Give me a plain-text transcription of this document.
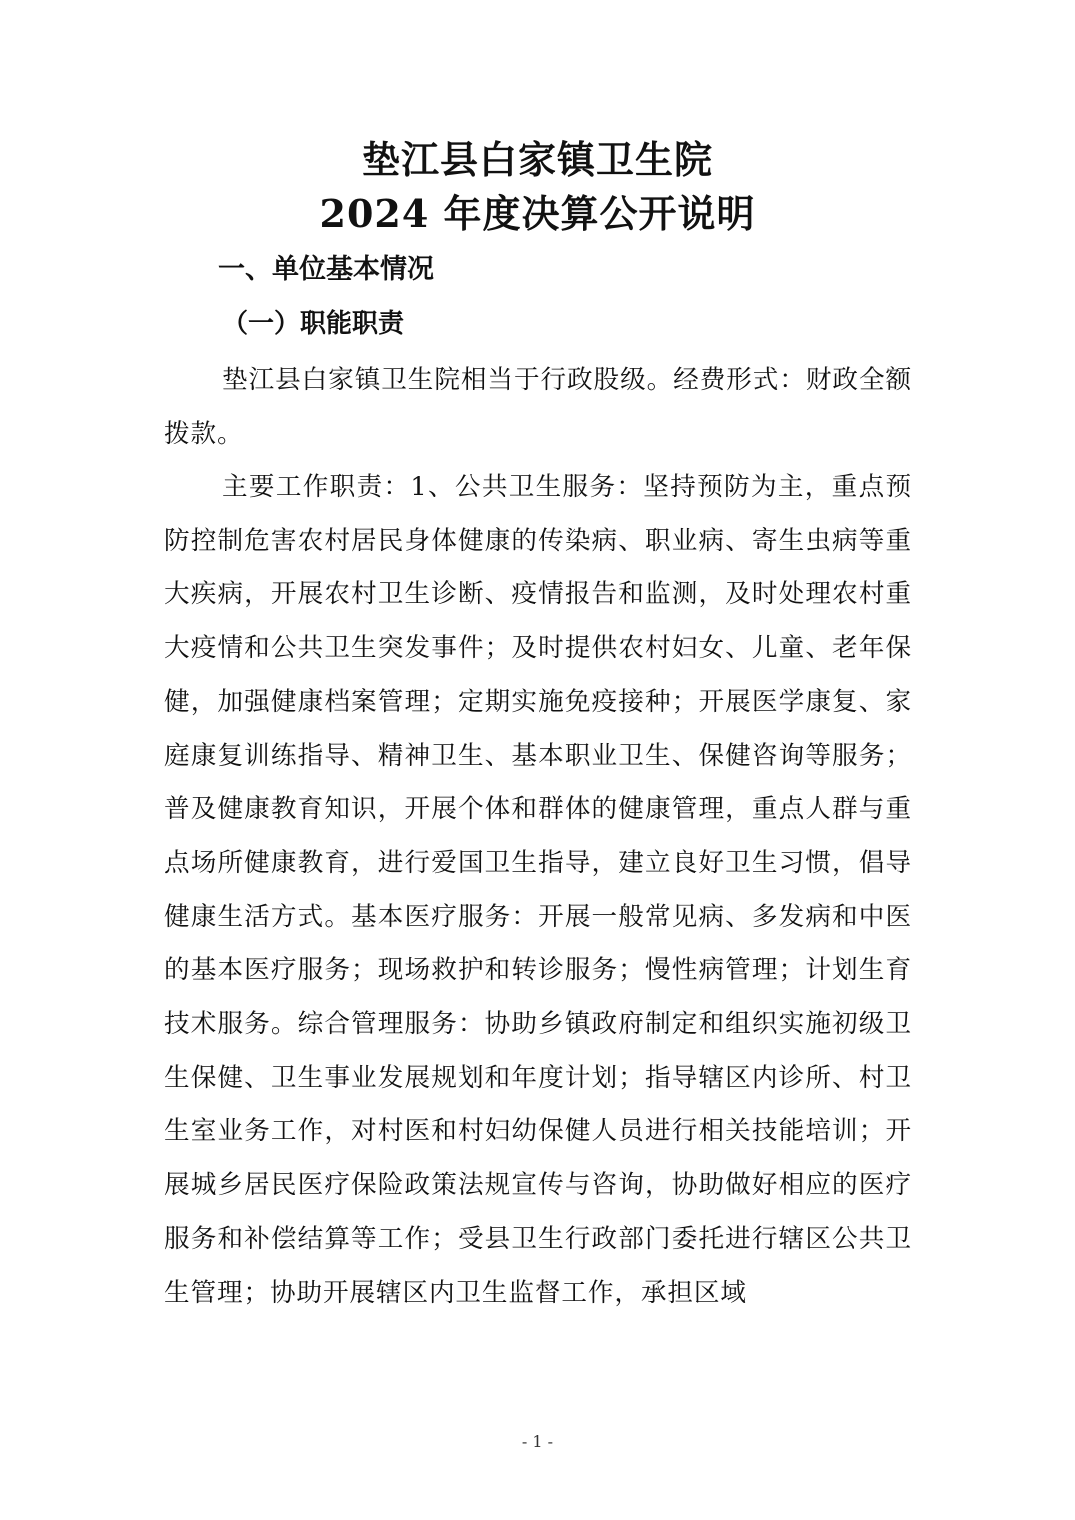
垫江县白家镇卫生院
2024 年度决算公开说明
一、单位基本情况
（一）职能职责

垫江县白家镇卫生院相当于行政股级。经费形式：财政全额拨款。

主要工作职责：1、公共卫生服务：坚持预防为主，重点预防控制危害农村居民身体健康的传染病、职业病、寄生虫病等重大疾病，开展农村卫生诊断、疫情报告和监测，及时处理农村重大疫情和公共卫生突发事件；及时提供农村妇女、儿童、老年保健，加强健康档案管理；定期实施免疫接种；开展医学康复、家庭康复训练指导、精神卫生、基本职业卫生、保健咨询等服务；普及健康教育知识，开展个体和群体的健康管理，重点人群与重点场所健康教育，进行爱国卫生指导，建立良好卫生习惯，倡导健康生活方式。基本医疗服务：开展一般常见病、多发病和中医的基本医疗服务；现场救护和转诊服务；慢性病管理；计划生育技术服务。综合管理服务：协助乡镇政府制定和组织实施初级卫生保健、卫生事业发展规划和年度计划；指导辖区内诊所、村卫生室业务工作，对村医和村妇幼保健人员进行相关技能培训；开展城乡居民医疗保险政策法规宣传与咨询，协助做好相应的医疗服务和补偿结算等工作；受县卫生行政部门委托进行辖区公共卫生管理；协助开展辖区内卫生监督工作，承担区域

- 1 -
